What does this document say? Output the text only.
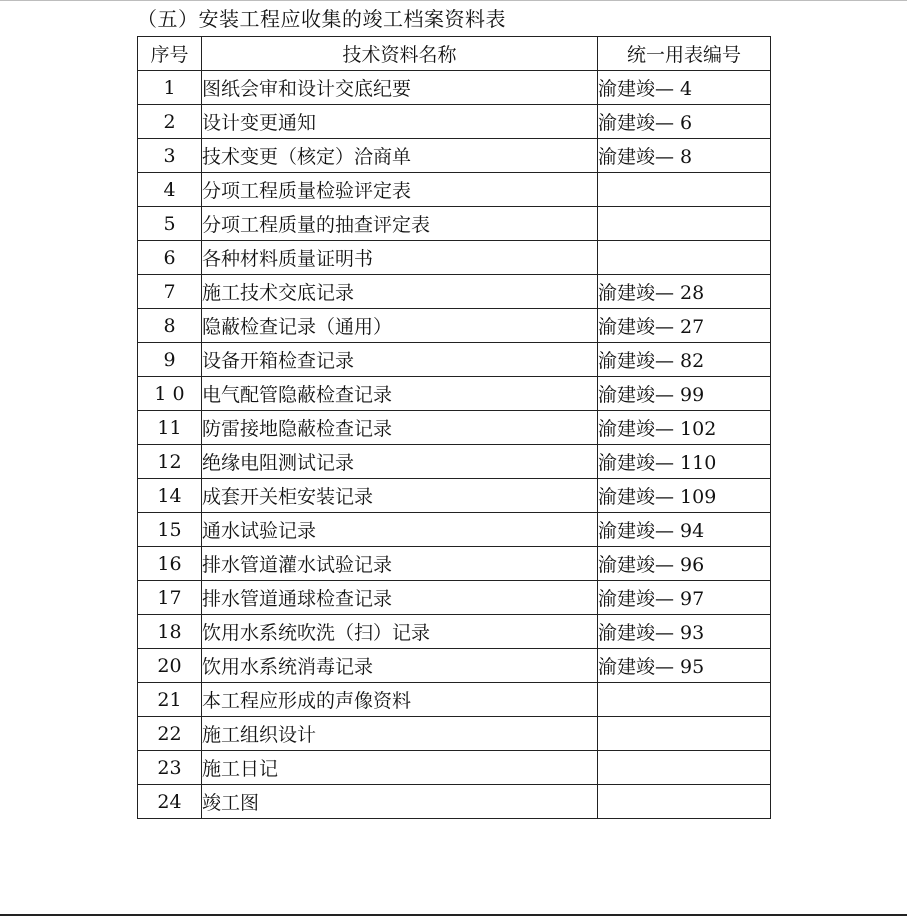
（五）安装工程应收集的竣工档案资料表
序号	技术资料名称	统一用表编号
1	图纸会审和设计交底纪要	渝建竣— 4
2	设计变更通知	渝建竣— 6
3	技术变更（核定）洽商单	渝建竣— 8
4	分项工程质量检验评定表	
5	分项工程质量的抽查评定表	
6	各种材料质量证明书	
7	施工技术交底记录	渝建竣— 28
8	隐蔽检查记录（通用）	渝建竣— 27
9	设备开箱检查记录	渝建竣— 82
1 0	电气配管隐蔽检查记录	渝建竣— 99
11	防雷接地隐蔽检查记录	渝建竣— 102
12	绝缘电阻测试记录	渝建竣— 110
14	成套开关柜安装记录	渝建竣— 109
15	通水试验记录	渝建竣— 94
16	排水管道灌水试验记录	渝建竣— 96
17	排水管道通球检查记录	渝建竣— 97
18	饮用水系统吹洗（扫）记录	渝建竣— 93
20	饮用水系统消毒记录	渝建竣— 95
21	本工程应形成的声像资料	
22	施工组织设计	
23	施工日记	
24	竣工图	
